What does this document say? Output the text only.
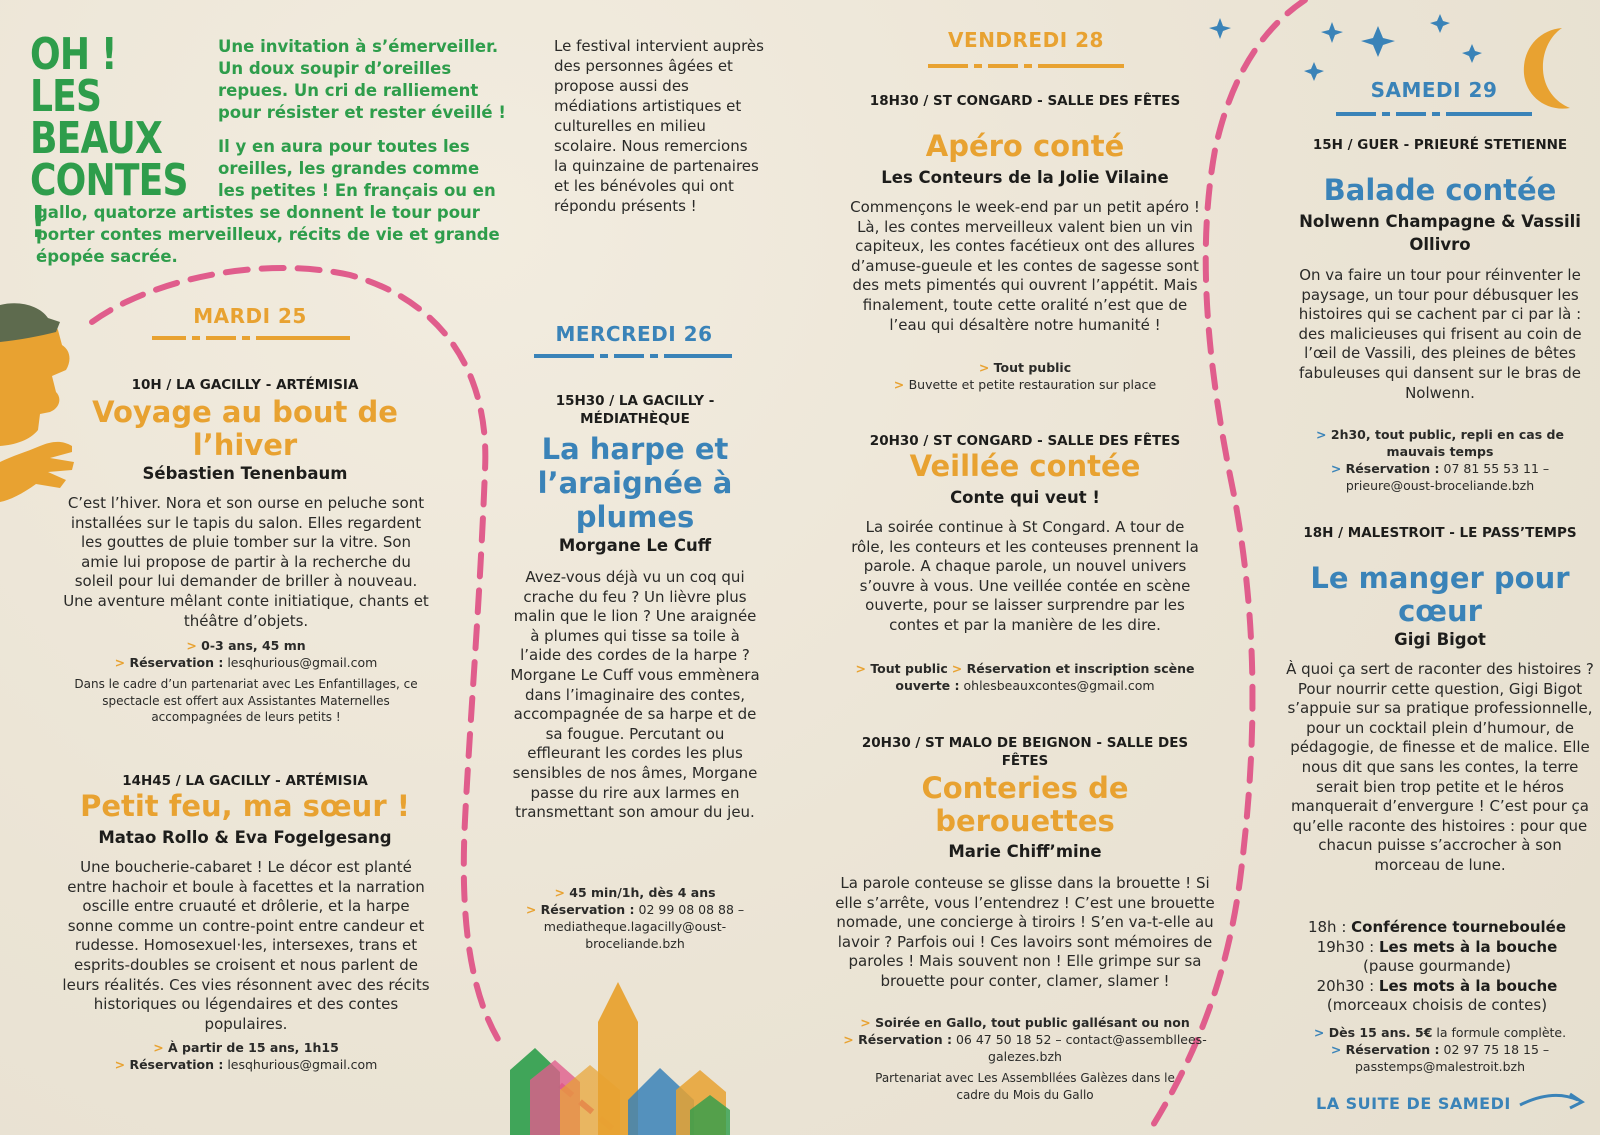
OH ! LES
BEAUX
CONTES !
Une invitation à s’émerveiller. Un doux soupir d’oreilles repues. Un cri de ralliement pour résister et rester éveillé !
Il y en aura pour toutes les oreilles, les grandes comme les petites ! En français ou en
gallo, quatorze artistes se donnent le tour pour porter contes merveilleux, récits de vie et grande épopée sacrée.
Le festival intervient auprès des personnes âgées et propose aussi des médiations artistiques et culturelles en milieu scolaire. Nous remercions la quinzaine de partenaires et les bénévoles qui ont répondu présents !
MARDI 25
10H / LA GACILLY - ARTÉMISIA
Voyage au bout de l’hiver
Sébastien Tenenbaum
C’est l’hiver. Nora et son ourse en peluche sont installées sur le tapis du salon. Elles regardent les gouttes de pluie tomber sur la vitre. Son amie lui propose de partir à la recherche du soleil pour lui demander de briller à nouveau. Une aventure mêlant conte initiatique, chants et théâtre d’objets.
> 0-3 ans, 45 mn
> Réservation : lesqhurious@gmail.com
Dans le cadre d’un partenariat avec Les Enfantillages, ce spectacle est offert aux Assistantes Maternelles accompagnées de leurs petits !
14H45 / LA GACILLY - ARTÉMISIA
Petit feu, ma sœur !
Matao Rollo & Eva Fogelgesang
Une boucherie-cabaret ! Le décor est planté entre hachoir et boule à facettes et la narration oscille entre cruauté et drôlerie, et la harpe sonne comme un contre-point entre candeur et rudesse. Homosexuel·les, intersexes, trans et esprits-doubles se croisent et nous parlent de leurs réalités. Ces vies résonnent avec des récits historiques ou légendaires et des contes populaires.
> À partir de 15 ans, 1h15
> Réservation : lesqhurious@gmail.com
MERCREDI 26
15H30 / LA GACILLY - MÉDIATHÈQUE
La harpe et l’araignée à plumes
Morgane Le Cuff
Avez-vous déjà vu un coq qui crache du feu ? Un lièvre plus malin que le lion ? Une araignée à plumes qui tisse sa toile à l’aide des cordes de la harpe ? Morgane Le Cuff vous emmènera dans l’imaginaire des contes, accompagnée de sa harpe et de sa fougue. Percutant ou effleurant les cordes les plus sensibles de nos âmes, Morgane passe du rire aux larmes en transmettant son amour du jeu.
> 45 min/1h, dès 4 ans
> Réservation : 02 99 08 08 88 – mediatheque.lagacilly@oust-broceliande.bzh
VENDREDI 28
18H30 / ST CONGARD - SALLE DES FÊTES
Apéro conté
Les Conteurs de la Jolie Vilaine
Commençons le week-end par un petit apéro ! Là, les contes merveilleux valent bien un vin capiteux, les contes facétieux ont des allures d’amuse-gueule et les contes de sagesse sont des mets pimentés qui ouvrent l’appétit. Mais finalement, toute cette oralité n’est que de l’eau qui désaltère notre humanité !
> Tout public
> Buvette et petite restauration sur place
20H30 / ST CONGARD - SALLE DES FÊTES
Veillée contée
Conte qui veut !
La soirée continue à St Congard. A tour de rôle, les conteurs et les conteuses prennent la parole. A chaque parole, un nouvel univers s’ouvre à vous. Une veillée contée en scène ouverte, pour se laisser surprendre par les contes et par la manière de les dire.
> Tout public > Réservation et inscription scène ouverte : ohlesbeauxcontes@gmail.com
20H30 / ST MALO DE BEIGNON - SALLE DES FÊTES
Conteries de berouettes
Marie Chiff’mine
La parole conteuse se glisse dans la brouette ! Si elle s’arrête, vous l’entendrez ! C’est une brouette nomade, une concierge à tiroirs ! S’en va-t-elle au lavoir ? Parfois oui ! Ces lavoirs sont mémoires de paroles ! Mais souvent non ! Elle grimpe sur sa brouette pour conter, clamer, slamer !
> Soirée en Gallo, tout public gallésant ou non
> Réservation : 06 47 50 18 52 – contact@assembllees-galezes.bzh
Partenariat avec Les Assembllées Galèzes dans le cadre du Mois du Gallo
SAMEDI 29
15H / GUER - PRIEURÉ STETIENNE
Balade contée
Nolwenn Champagne & Vassili Ollivro
On va faire un tour pour réinventer le paysage, un tour pour débusquer les histoires qui se cachent par ci par là : des malicieuses qui frisent au coin de l’œil de Vassili, des pleines de bêtes fabuleuses qui dansent sur le bras de Nolwenn.
> 2h30, tout public, repli en cas de mauvais temps
> Réservation : 07 81 55 53 11 – prieure@oust-broceliande.bzh
18H / MALESTROIT - LE PASS’TEMPS
Le manger pour cœur
Gigi Bigot
À quoi ça sert de raconter des histoires ? Pour nourrir cette question, Gigi Bigot s’appuie sur sa pratique professionnelle, pour un cocktail plein d’humour, de pédagogie, de finesse et de malice. Elle nous dit que sans les contes, la terre serait bien trop petite et le héros manquerait d’envergure ! C’est pour ça qu’elle raconte des histoires : pour que chacun puisse s’accrocher à son morceau de lune.
18h : Conférence tourneboulée
19h30 : Les mets à la bouche
(pause gourmande)
20h30 : Les mots à la bouche
(morceaux choisis de contes)
> Dès 15 ans. 5€ la formule complète.
> Réservation : 02 97 75 18 15 – passtemps@malestroit.bzh
LA SUITE DE SAMEDI
